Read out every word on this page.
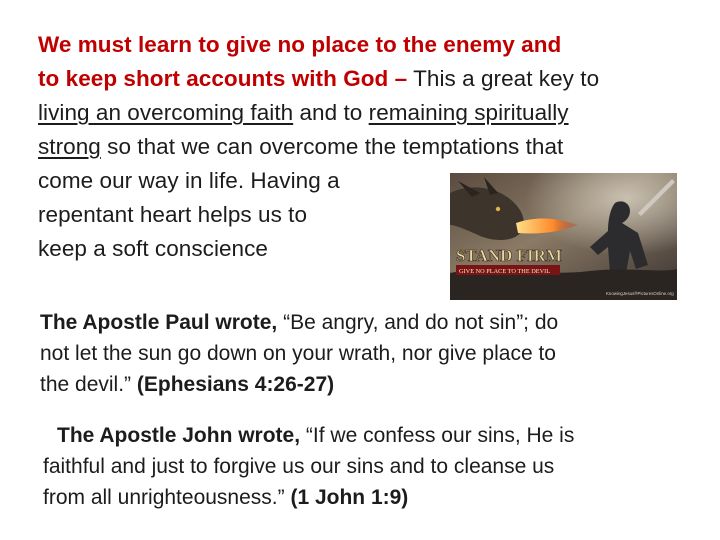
We must learn to give no place to the enemy and
to keep short accounts with God – This a great key to
living an overcoming faith and to remaining spiritually
strong so that we can overcome the temptations that
come our way in life. Having a
repentant heart helps us to
keep a soft conscience	STAND FIRM
GIVE NO PLACE TO THE DEVIL
KnowingJesus®PicturesOnline.org
The Apostle Paul wrote, “Be angry, and do not sin”; do
not let the sun go down on your wrath, nor give place to
the devil.” (Ephesians 4:26-27)
The Apostle John wrote, “If we confess our sins, He is
faithful and just to forgive us our sins and to cleanse us
from all unrighteousness.” (1 John 1:9)
